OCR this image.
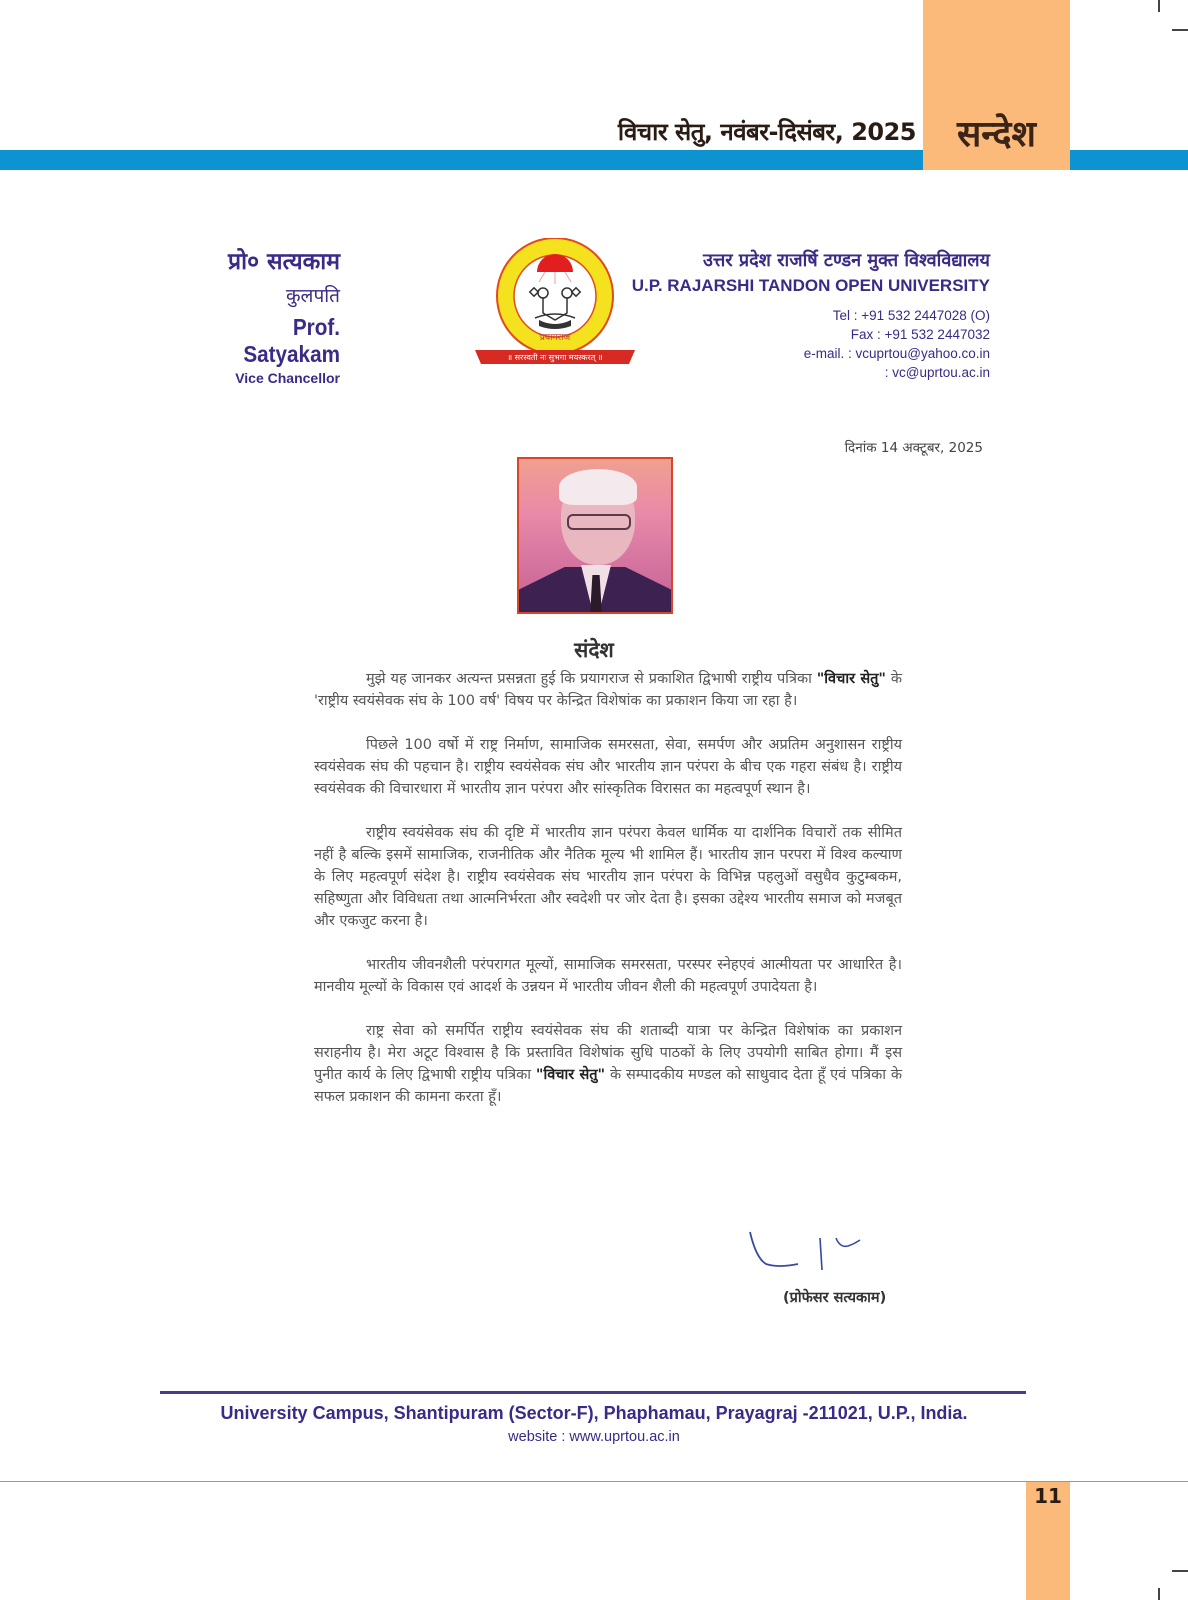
विचार सेतु, नवंबर-दिसंबर, 2025	सन्देश
प्रो० सत्यकाम
कुलपति
Prof. Satyakam
Vice Chancellor
प्रयागराज
॥ सरस्वती नः सुभगा मयस्करत् ॥
उत्तर प्रदेश राजर्षि टण्डन मुक्त विश्वविद्यालय
U.P. RAJARSHI TANDON OPEN UNIVERSITY
Tel : +91 532 2447028 (O)
Fax : +91 532 2447032
e-mail. : vcuprtou@yahoo.co.in
: vc@uprtou.ac.in
दिनांक 14 अक्टूबर, 2025
संदेश

मुझे यह जानकर अत्यन्त प्रसन्नता हुई कि प्रयागराज से प्रकाशित द्विभाषी राष्ट्रीय पत्रिका "विचार सेतु" के 'राष्ट्रीय स्वयंसेवक संघ के 100 वर्ष' विषय पर केन्द्रित विशेषांक का प्रकाशन किया जा रहा है।

पिछले 100 वर्षो में राष्ट्र निर्माण, सामाजिक समरसता, सेवा, समर्पण और अप्रतिम अनुशासन राष्ट्रीय स्वयंसेवक संघ की पहचान है। राष्ट्रीय स्वयंसेवक संघ और भारतीय ज्ञान परंपरा के बीच एक गहरा संबंध है। राष्ट्रीय स्वयंसेवक की विचारधारा में भारतीय ज्ञान परंपरा और सांस्कृतिक विरासत का महत्वपूर्ण स्थान है।

राष्ट्रीय स्वयंसेवक संघ की दृष्टि में भारतीय ज्ञान परंपरा केवल धार्मिक या दार्शनिक विचारों तक सीमित नहीं है बल्कि इसमें सामाजिक, राजनीतिक और नैतिक मूल्य भी शामिल हैं। भारतीय ज्ञान परपरा में विश्व कल्याण के लिए महत्वपूर्ण संदेश है। राष्ट्रीय स्वयंसेवक संघ भारतीय ज्ञान परंपरा के विभिन्न पहलुओं वसुधैव कुटुम्बकम, सहिष्णुता और विविधता तथा आत्मनिर्भरता और स्वदेशी पर जोर देता है। इसका उद्देश्य भारतीय समाज को मजबूत और एकजुट करना है।

भारतीय जीवनशैली परंपरागत मूल्यों, सामाजिक समरसता, परस्पर स्नेहएवं आत्मीयता पर आधारित है। मानवीय मूल्यों के विकास एवं आदर्श के उन्नयन में भारतीय जीवन शैली की महत्वपूर्ण उपादेयता है।

राष्ट्र सेवा को समर्पित राष्ट्रीय स्वयंसेवक संघ की शताब्दी यात्रा पर केन्द्रित विशेषांक का प्रकाशन सराहनीय है। मेरा अटूट विश्वास है कि प्रस्तावित विशेषांक सुधि पाठकों के लिए उपयोगी साबित होगा। मैं इस पुनीत कार्य के लिए द्विभाषी राष्ट्रीय पत्रिका "विचार सेतु" के सम्पादकीय मण्डल को साधुवाद देता हूँ एवं पत्रिका के सफल प्रकाशन की कामना करता हूँ।

(प्रोफेसर सत्यकाम)
University Campus, Shantipuram (Sector-F), Phaphamau, Prayagraj -211021, U.P., India.
website : www.uprtou.ac.in
11
